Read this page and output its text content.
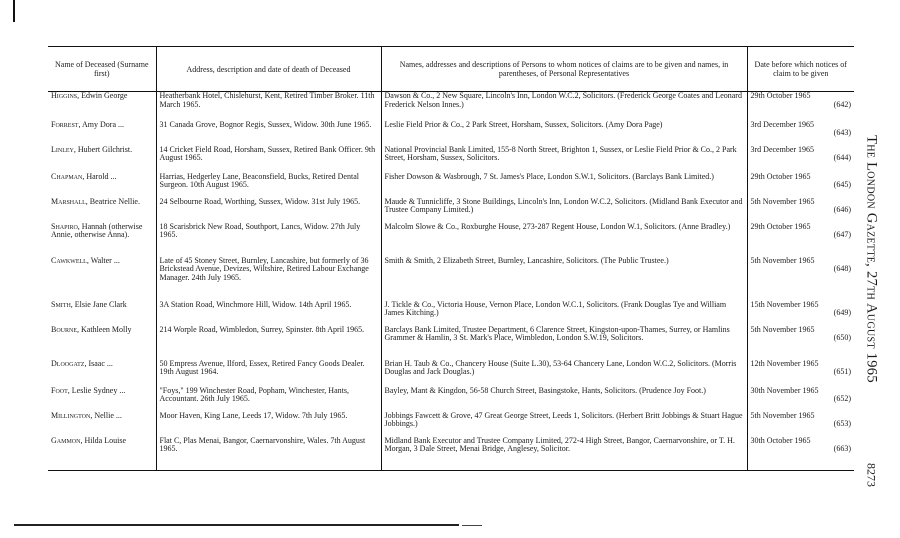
Name of Deceased (Surname first)	Address, description and date of death of Deceased	Names, addresses and descriptions of Persons to whom notices of claims are to be given and names, in parentheses, of Personal Representatives	Date before which notices of claim to be given
Higgins, Edwin George	Heatherbank Hotel, Chislehurst, Kent, Retired Timber Broker. 11th March 1965.	Dawson & Co., 2 New Square, Lincoln's Inn, London W.C.2, Solicitors. (Frederick George Coates and Leonard Frederick Nelson Innes.)	29th October 1965
(642)

Forrest, Amy Dora ...	31 Canada Grove, Bognor Regis, Sussex, Widow. 30th June 1965.	Leslie Field Prior & Co., 2 Park Street, Horsham, Sussex, Solicitors. (Amy Dora Page)	3rd December 1965
(643)

Linley, Hubert Gilchrist.	14 Cricket Field Road, Horsham, Sussex, Retired Bank Officer. 9th August 1965.	National Provincial Bank Limited, 155-8 North Street, Brighton 1, Sussex, or Leslie Field Prior & Co., 2 Park Street, Horsham, Sussex, Solicitors.	3rd December 1965
(644)

Chapman, Harold ...	Harrias, Hedgerley Lane, Beaconsfield, Bucks, Retired Dental Surgeon. 10th August 1965.	Fisher Dowson & Wasbrough, 7 St. James's Place, London S.W.1, Solicitors. (Barclays Bank Limited.)	29th October 1965
(645)

Marshall, Beatrice Nellie.	24 Selbourne Road, Worthing, Sussex, Widow. 31st July 1965.	Maude & Tunnicliffe, 3 Stone Buildings, Lincoln's Inn, London W.C.2, Solicitors. (Midland Bank Executor and Trustee Company Limited.)	5th November 1965
(646)

Shapiro, Hannah (otherwise Annie, otherwise Anna).	18 Scarisbrick New Road, Southport, Lancs, Widow. 27th July 1965.	Malcolm Slowe & Co., Roxburghe House, 273-287 Regent House, London W.1, Solicitors. (Anne Bradley.)	29th October 1965
(647)

Cawkwell, Walter ...	Late of 45 Stoney Street, Burnley, Lancashire, but formerly of 36 Brickstead Avenue, Devizes, Wiltshire, Retired Labour Exchange Manager. 24th July 1965.	Smith & Smith, 2 Elizabeth Street, Burnley, Lancashire, Solicitors. (The Public Trustee.)	5th November 1965
(648)

Smith, Elsie Jane Clark	3A Station Road, Winchmore Hill, Widow. 14th April 1965.	J. Tickle & Co., Victoria House, Vernon Place, London W.C.1, Solicitors. (Frank Douglas Tye and William James Kitching.)	15th November 1965
(649)

Bourne, Kathleen Molly	214 Worple Road, Wimbledon, Surrey, Spinster. 8th April 1965.	Barclays Bank Limited, Trustee Department, 6 Clarence Street, Kingston-upon-Thames, Surrey, or Hamlins Grammer & Hamlin, 3 St. Mark's Place, Wimbledon, London S.W.19, Solicitors.	5th November 1965
(650)

Dloogatz, Isaac ...	50 Empress Avenue, Ilford, Essex, Retired Fancy Goods Dealer. 19th August 1964.	Brian H. Taub & Co., Chancery House (Suite L.30), 53-64 Chancery Lane, London W.C.2, Solicitors. (Morris Douglas and Jack Douglas.)	12th November 1965
(651)

Foot, Leslie Sydney ...	"Foys," 199 Winchester Road, Popham, Winchester, Hants, Accountant. 26th July 1965.	Bayley, Mant & Kingdon, 56-58 Church Street, Basingstoke, Hants, Solicitors. (Prudence Joy Foot.)	30th November 1965
(652)

Millington, Nellie ...	Moor Haven, King Lane, Leeds 17, Widow. 7th July 1965.	Jobbings Fawcett & Grove, 47 Great George Street, Leeds 1, Solicitors. (Herbert Britt Jobbings & Stuart Hague Jobbings.)	5th November 1965
(653)

Gammon, Hilda Louise	Flat C, Plas Menai, Bangor, Caernarvonshire, Wales. 7th August 1965.	Midland Bank Executor and Trustee Company Limited, 272-4 High Street, Bangor, Caernarvonshire, or T. H. Morgan, 3 Dale Street, Menai Bridge, Anglesey, Solicitor.	30th October 1965
(663)
The London Gazette, 27th August 1965
8273
